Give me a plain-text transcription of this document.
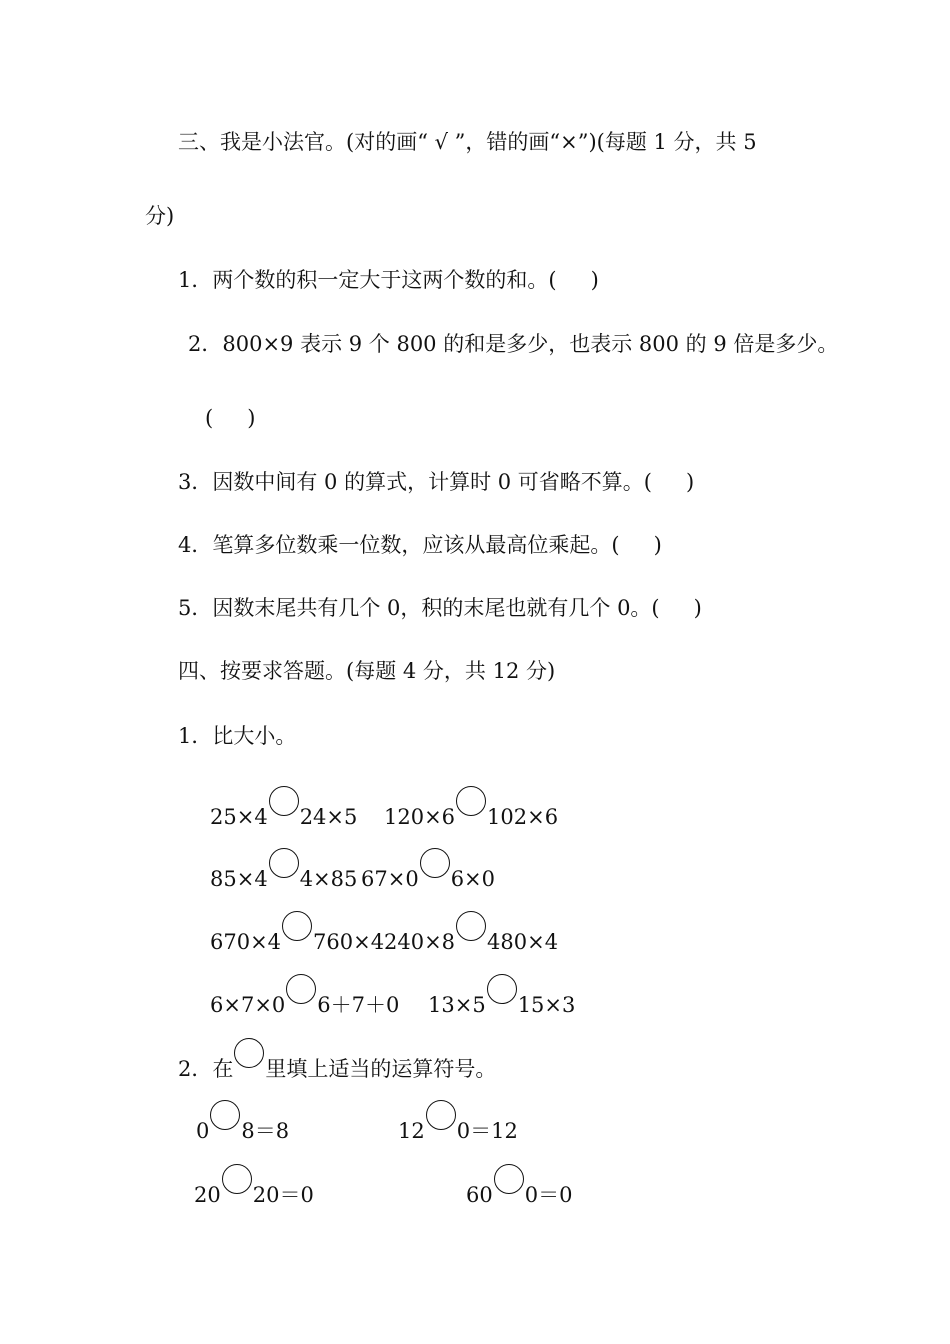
三、我是小法官。(对的画“ √ ”，错的画“×”)(每题 1 分，共 5
分)
1．两个数的积一定大于这两个数的和。( )
2．800×9 表示 9 个 800 的和是多少，也表示 800 的 9 倍是多少。
( )
3．因数中间有 0 的算式，计算时 0 可省略不算。( )
4．笔算多位数乘一位数，应该从最高位乘起。( )
5．因数末尾共有几个 0，积的末尾也就有几个 0。( )
四、按要求答题。(每题 4 分，共 12 分)
1．比大小。
25×4 24×5 120×6 102×6
85×4 4×85 67×0 6×0
670×4 760×4240×8 480×4
6×7×0 6＋7＋0 13×5 15×3
2．在 里填上适当的运算符号。
0 8＝8	12 0＝12
20 20＝0	60 0＝0
